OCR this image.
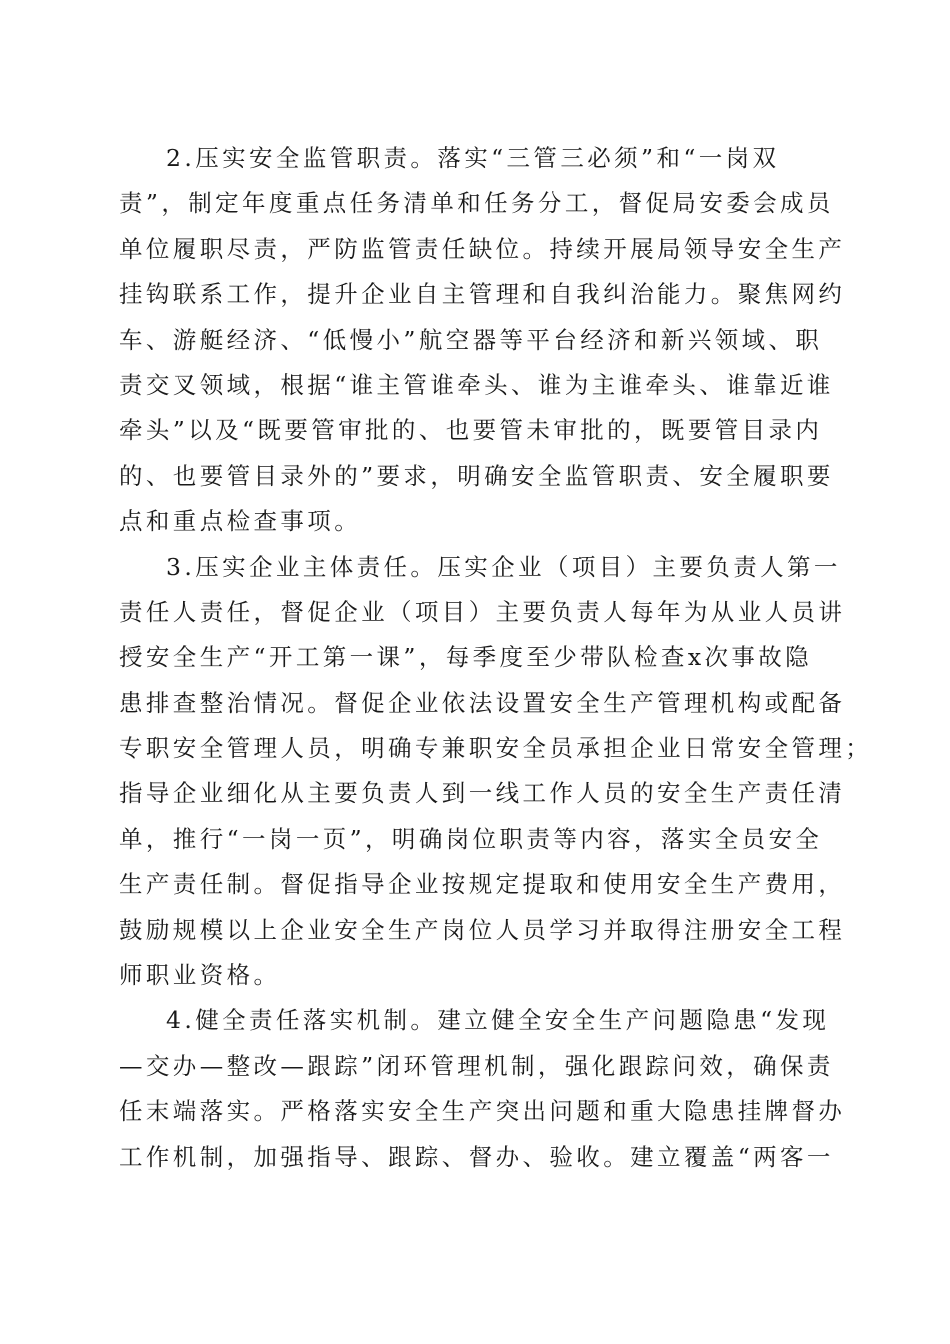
2.压实安全监管职责。落实“三管三必须”和“一岗双
责”，制定年度重点任务清单和任务分工，督促局安委会成员
单位履职尽责，严防监管责任缺位。持续开展局领导安全生产
挂钩联系工作，提升企业自主管理和自我纠治能力。聚焦网约
车、游艇经济、“低慢小”航空器等平台经济和新兴领域、职
责交叉领域，根据“谁主管谁牵头、谁为主谁牵头、谁靠近谁
牵头”以及“既要管审批的、也要管未审批的，既要管目录内
的、也要管目录外的”要求，明确安全监管职责、安全履职要
点和重点检查事项。
3.压实企业主体责任。压实企业（项目）主要负责人第一
责任人责任，督促企业（项目）主要负责人每年为从业人员讲
授安全生产“开工第一课”，每季度至少带队检查x次事故隐
患排查整治情况。督促企业依法设置安全生产管理机构或配备
专职安全管理人员，明确专兼职安全员承担企业日常安全管理；
指导企业细化从主要负责人到一线工作人员的安全生产责任清
单，推行“一岗一页”，明确岗位职责等内容，落实全员安全
生产责任制。督促指导企业按规定提取和使用安全生产费用，
鼓励规模以上企业安全生产岗位人员学习并取得注册安全工程
师职业资格。
4.健全责任落实机制。建立健全安全生产问题隐患“发现
—交办—整改—跟踪”闭环管理机制，强化跟踪问效，确保责
任末端落实。严格落实安全生产突出问题和重大隐患挂牌督办
工作机制，加强指导、跟踪、督办、验收。建立覆盖“两客一
